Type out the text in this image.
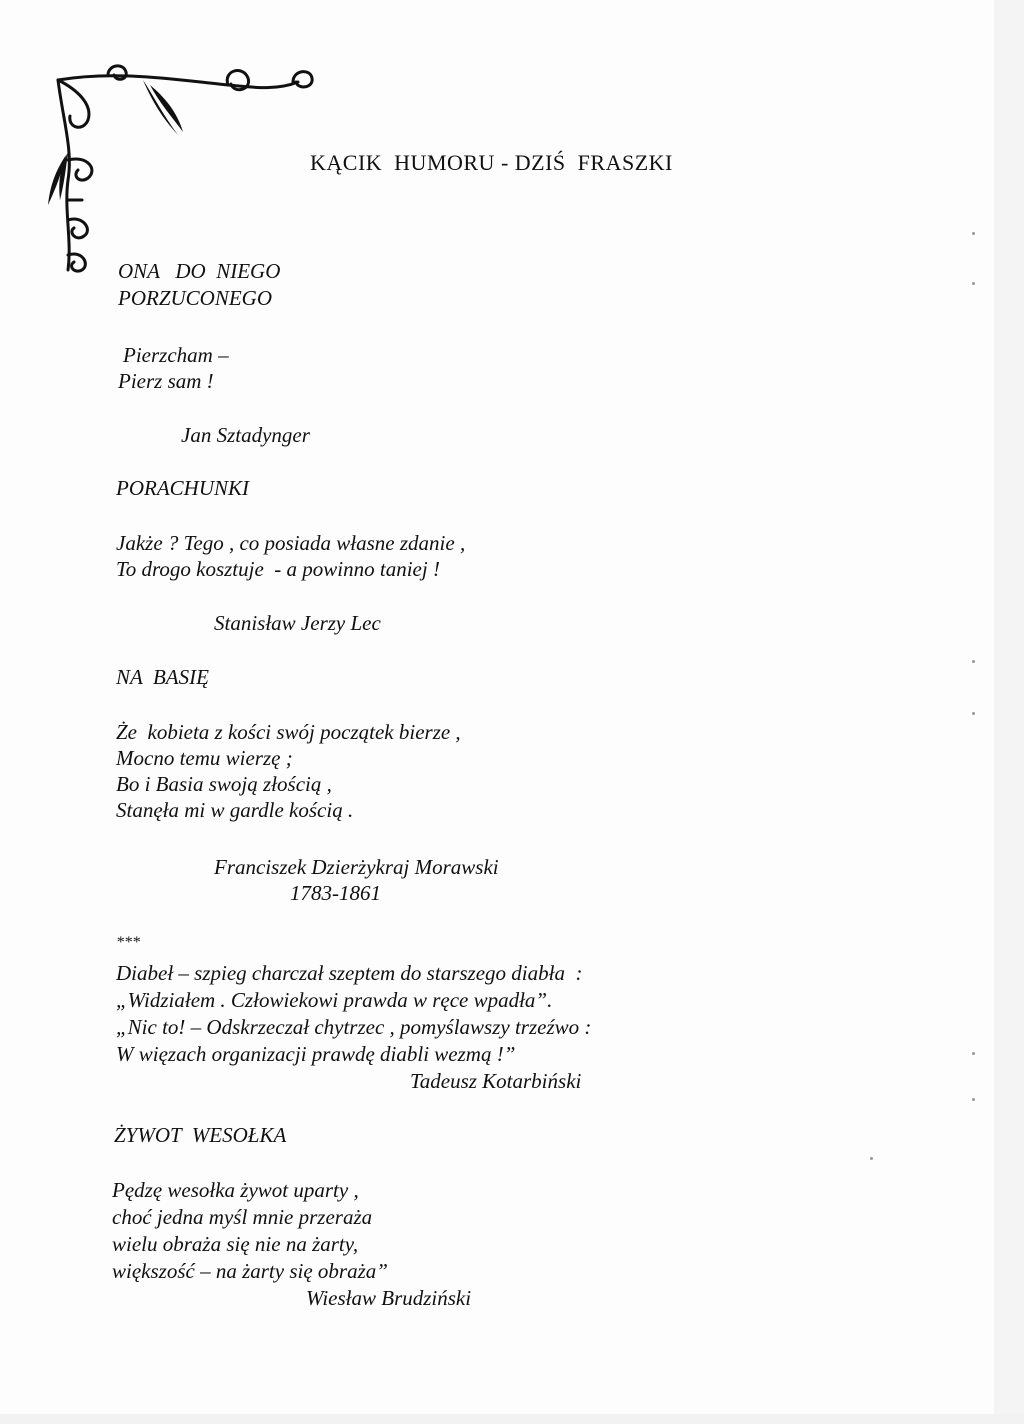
KĄCIK  HUMORU - DZIŚ  FRASZKI
ONA   DO  NIEGO
PORZUCONEGO
Pierzcham –
Pierz sam !
Jan Sztadynger
PORACHUNKI
Jakże ? Tego , co posiada własne zdanie ,
To drogo kosztuje  - a powinno taniej !
Stanisław Jerzy Lec
NA  BASIĘ
Że  kobieta z kości swój początek bierze ,
Mocno temu wierzę ;
Bo i Basia swoją złością ,
Stanęła mi w gardle kością .
Franciszek Dzierżykraj Morawski
1783-1861
***
Diabeł – szpieg charczał szeptem do starszego diabła  :
„Widziałem . Człowiekowi prawda w ręce wpadła”.
„Nic to! – Odskrzeczał chytrzec , pomyślawszy trzeźwo :
W więzach organizacji prawdę diabli wezmą !”
Tadeusz Kotarbiński
ŻYWOT  WESOŁKA
Pędzę wesołka żywot uparty ,
choć jedna myśl mnie przeraża
wielu obraża się nie na żarty,
większość – na żarty się obraża”
Wiesław Brudziński
